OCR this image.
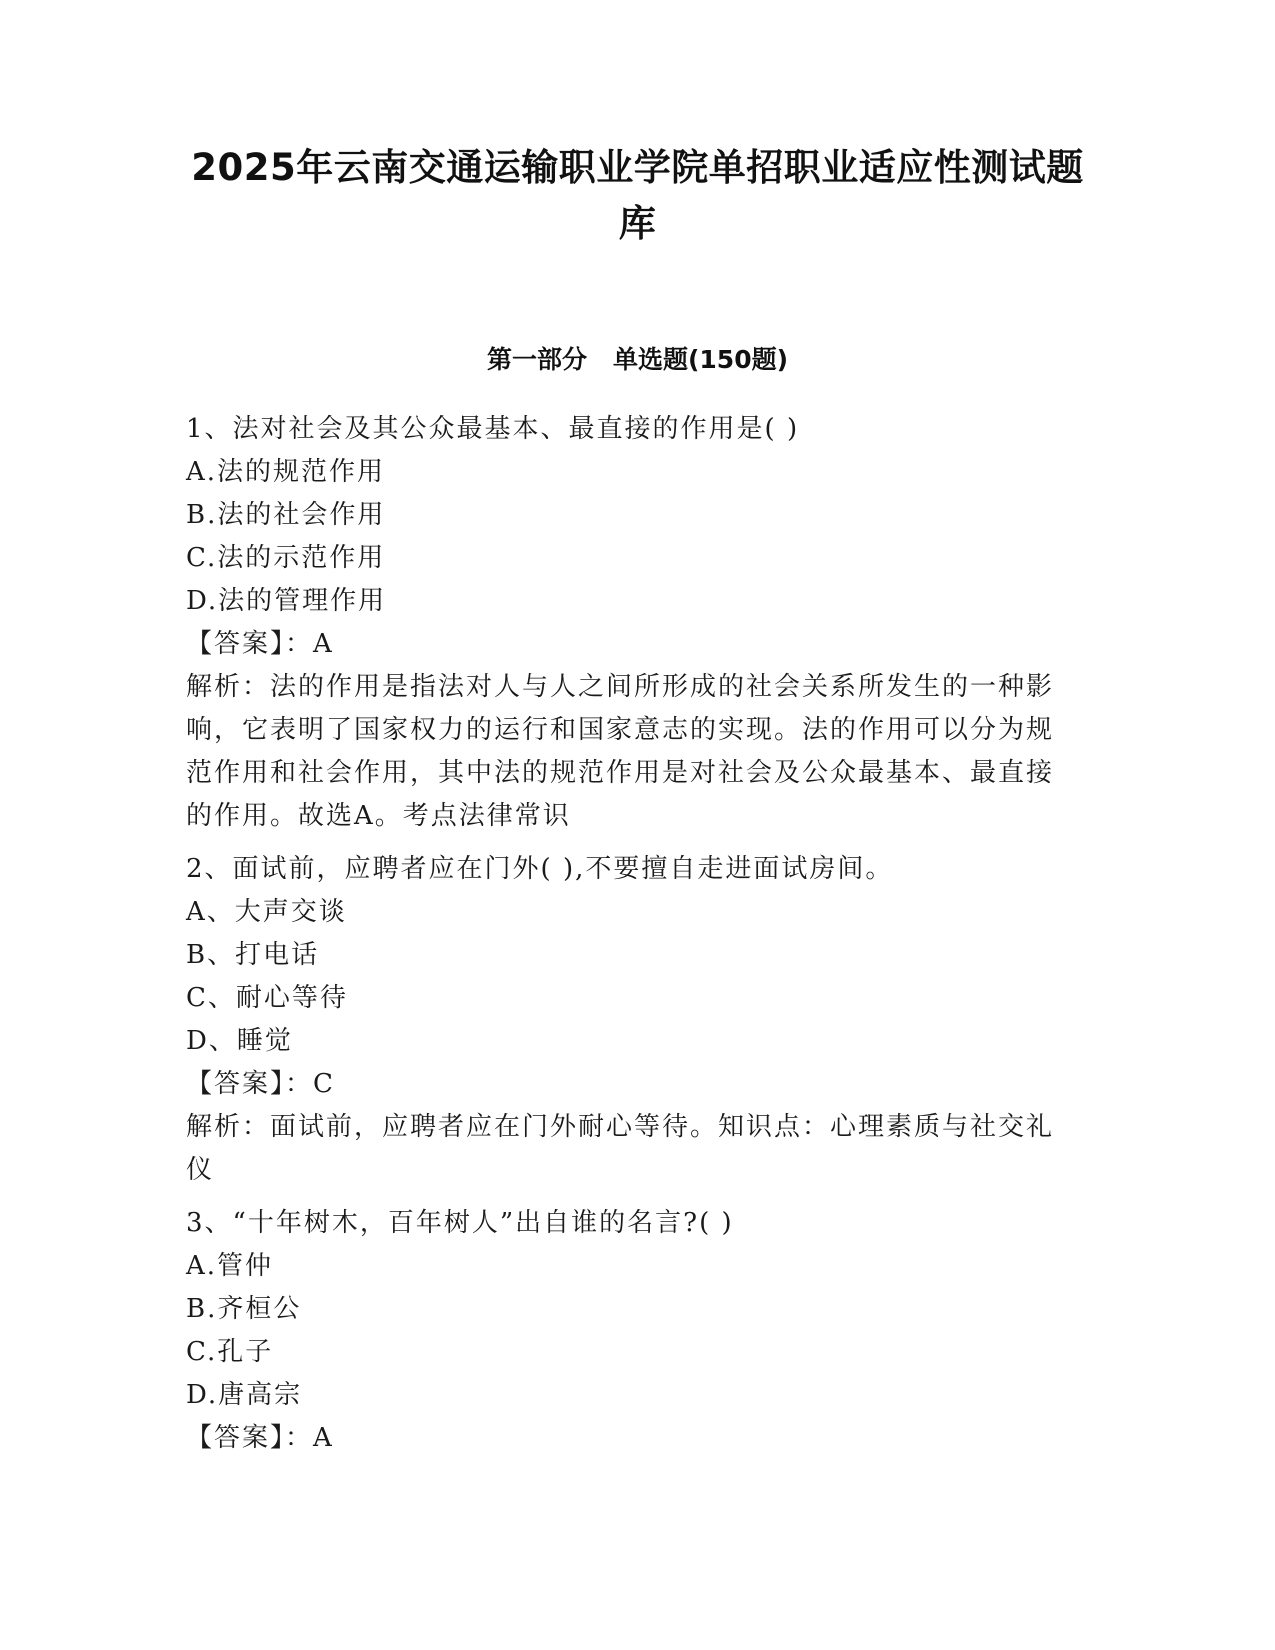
2025年云南交通运输职业学院单招职业适应性测试题库
第一部分 单选题(150题)
1、法对社会及其公众最基本、最直接的作用是( )
A.法的规范作用
B.法的社会作用
C.法的示范作用
D.法的管理作用
【答案】：A
解析：法的作用是指法对人与人之间所形成的社会关系所发生的一种影响，它表明了国家权力的运行和国家意志的实现。法的作用可以分为规范作用和社会作用，其中法的规范作用是对社会及公众最基本、最直接的作用。故选A。考点法律常识
2、面试前，应聘者应在门外( ),不要擅自走进面试房间。
A、大声交谈
B、打电话
C、耐心等待
D、睡觉
【答案】：C
解析：面试前，应聘者应在门外耐心等待。知识点：心理素质与社交礼仪
3、“十年树木，百年树人”出自谁的名言?( )
A.管仲
B.齐桓公
C.孔子
D.唐高宗
【答案】：A
